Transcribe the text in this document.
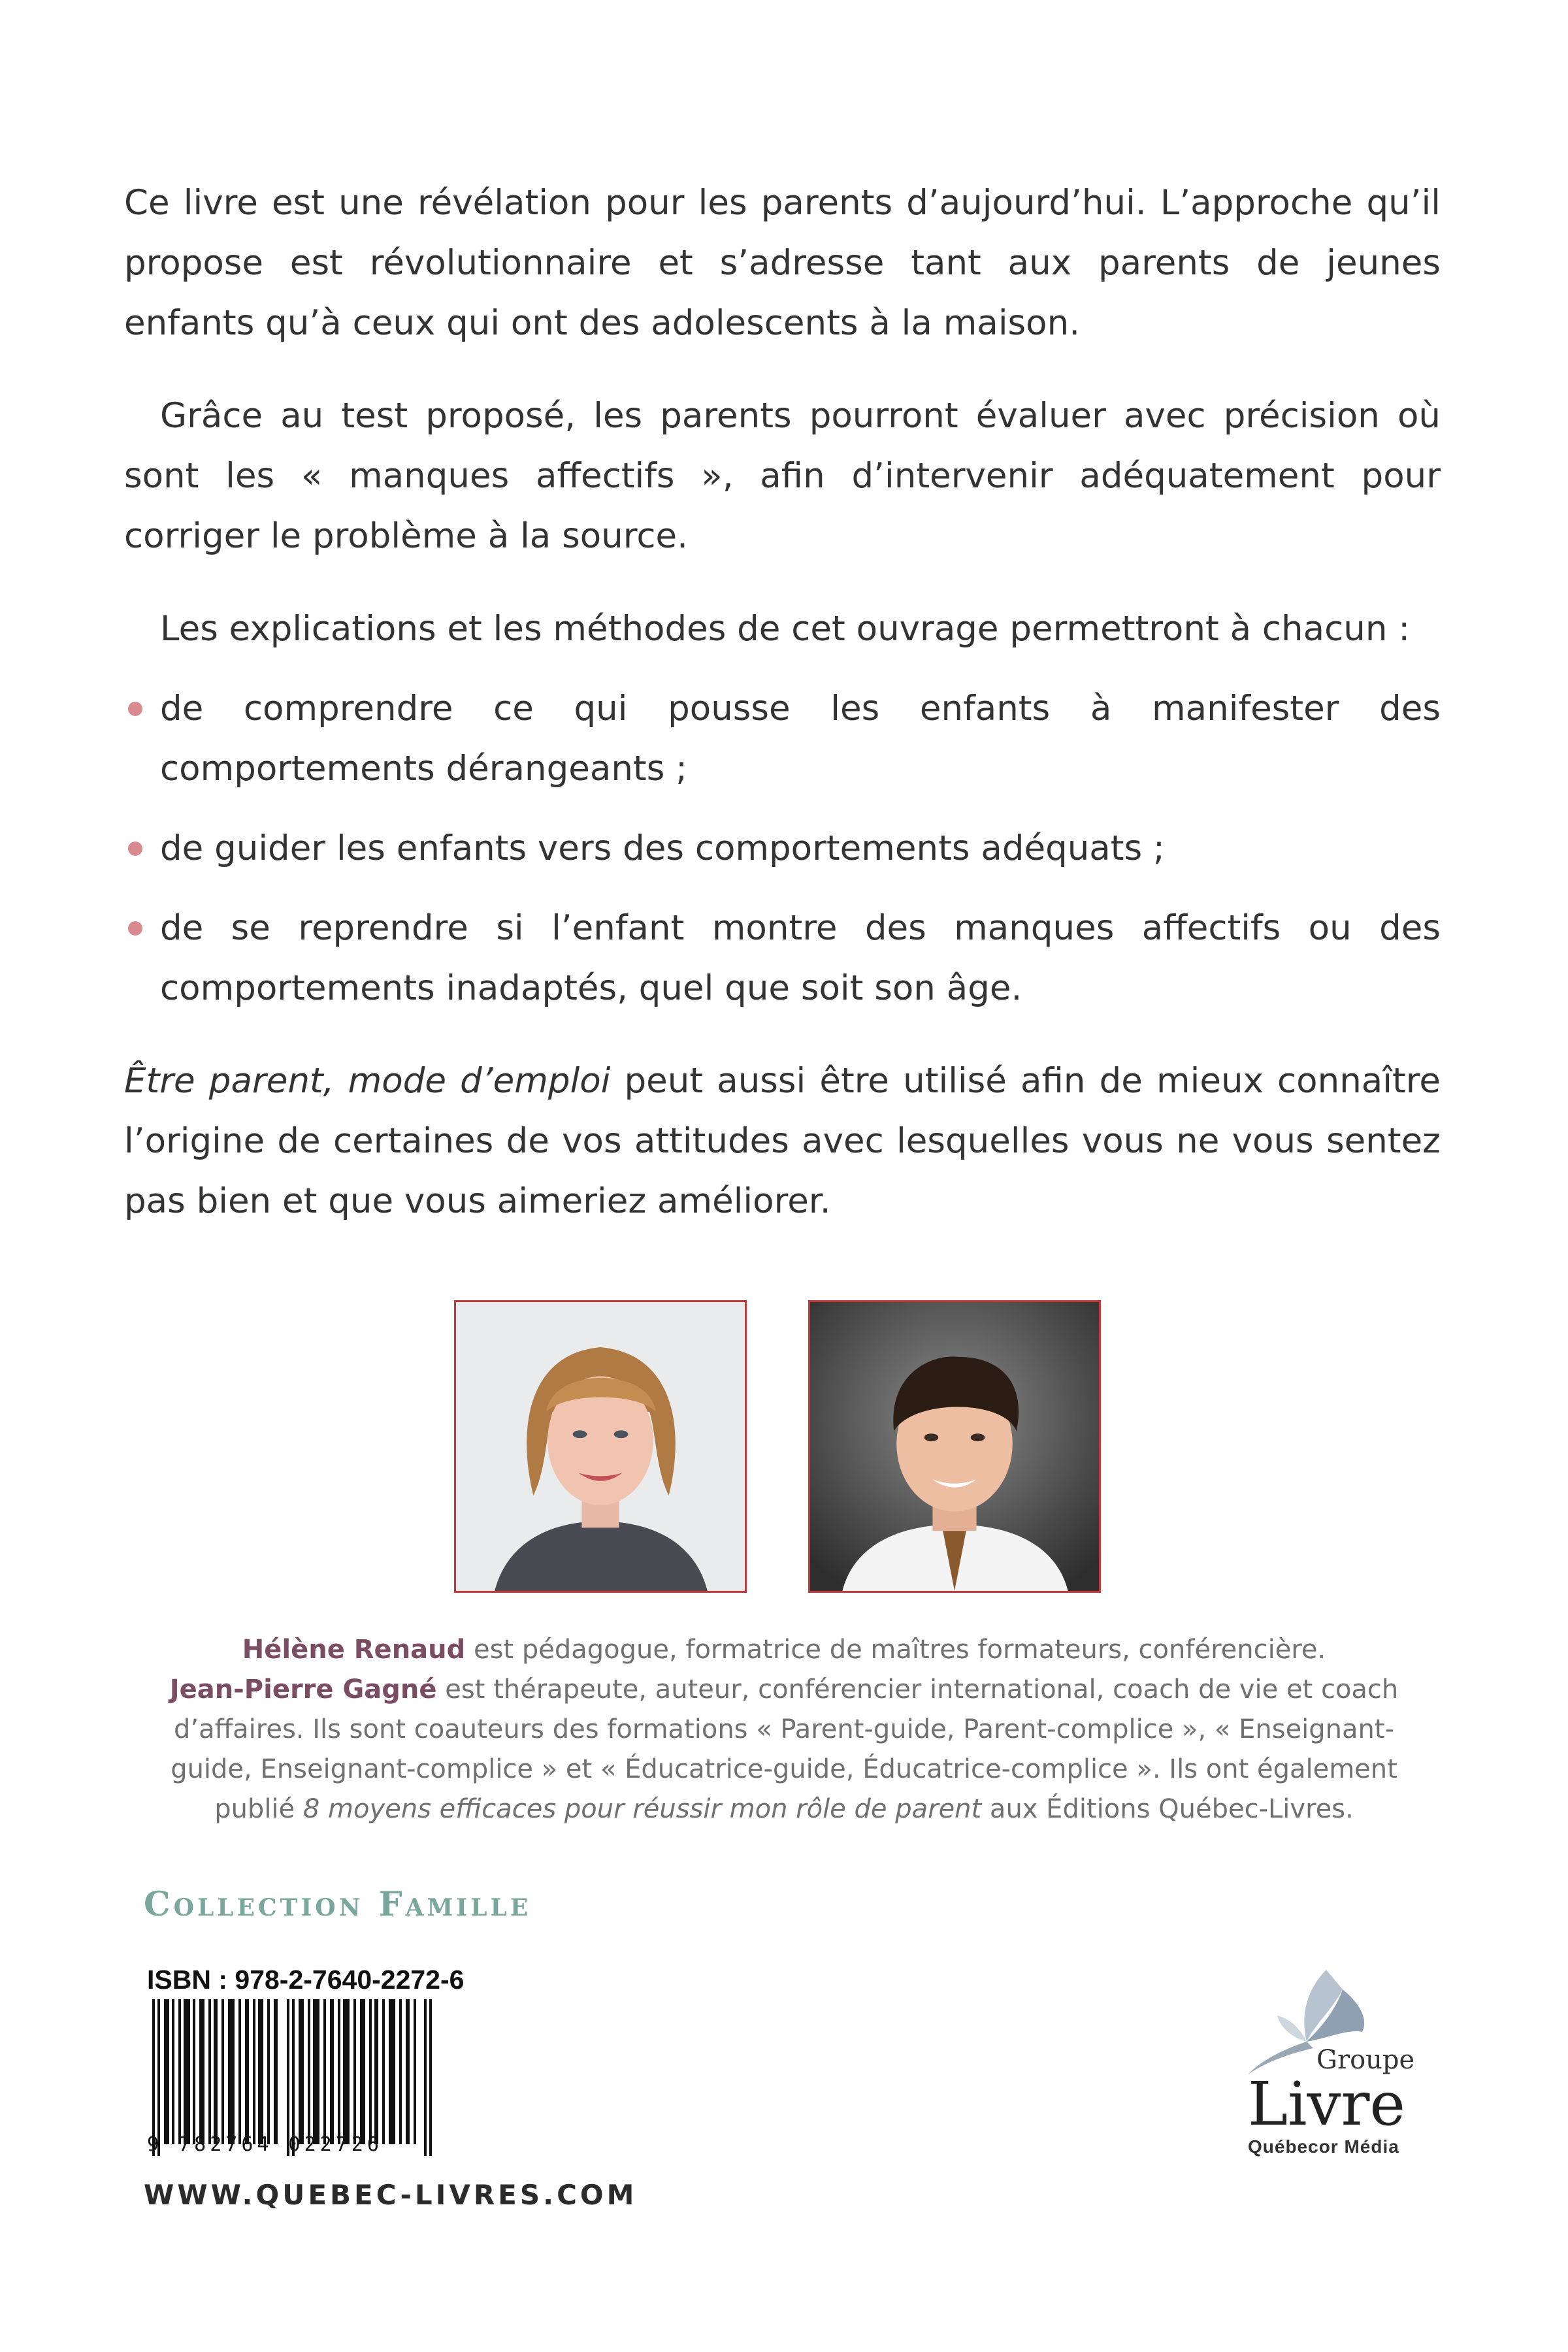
Ce livre est une révélation pour les parents d’aujourd’hui. L’approche qu’il propose est révolutionnaire et s’adresse tant aux parents de jeunes enfants qu’à ceux qui ont des adolescents à la maison.

Grâce au test proposé, les parents pourront évaluer avec précision où sont les « manques affectifs », afin d’intervenir adéquatement pour corriger le problème à la source.

Les explications et les méthodes de cet ouvrage permettront à chacun :

de comprendre ce qui pousse les enfants à manifester des comportements dérangeants ;
de guider les enfants vers des comportements adéquats ;
de se reprendre si l’enfant montre des manques affectifs ou des comportements inadaptés, quel que soit son âge.

Être parent, mode d’emploi peut aussi être utilisé afin de mieux connaître l’origine de certaines de vos attitudes avec lesquelles vous ne vous sentez pas bien et que vous aimeriez améliorer.

Hélène Renaud est pédagogue, formatrice de maîtres formateurs, conférencière.

Jean-Pierre Gagné est thérapeute, auteur, conférencier international, coach de vie et coach d’affaires. Ils sont coauteurs des formations « Parent-guide, Parent-complice », « Enseignant-guide, Enseignant-complice » et « Éducatrice-guide, Éducatrice-complice ». Ils ont également publié 8 moyens efficaces pour réussir mon rôle de parent aux Éditions Québec-Livres.

Collection Famille
ISBN : 978-2-7640-2272-6
9 782764 022726
WWW.QUEBEC-LIVRES.COM
Groupe
Livre
Québecor Média
